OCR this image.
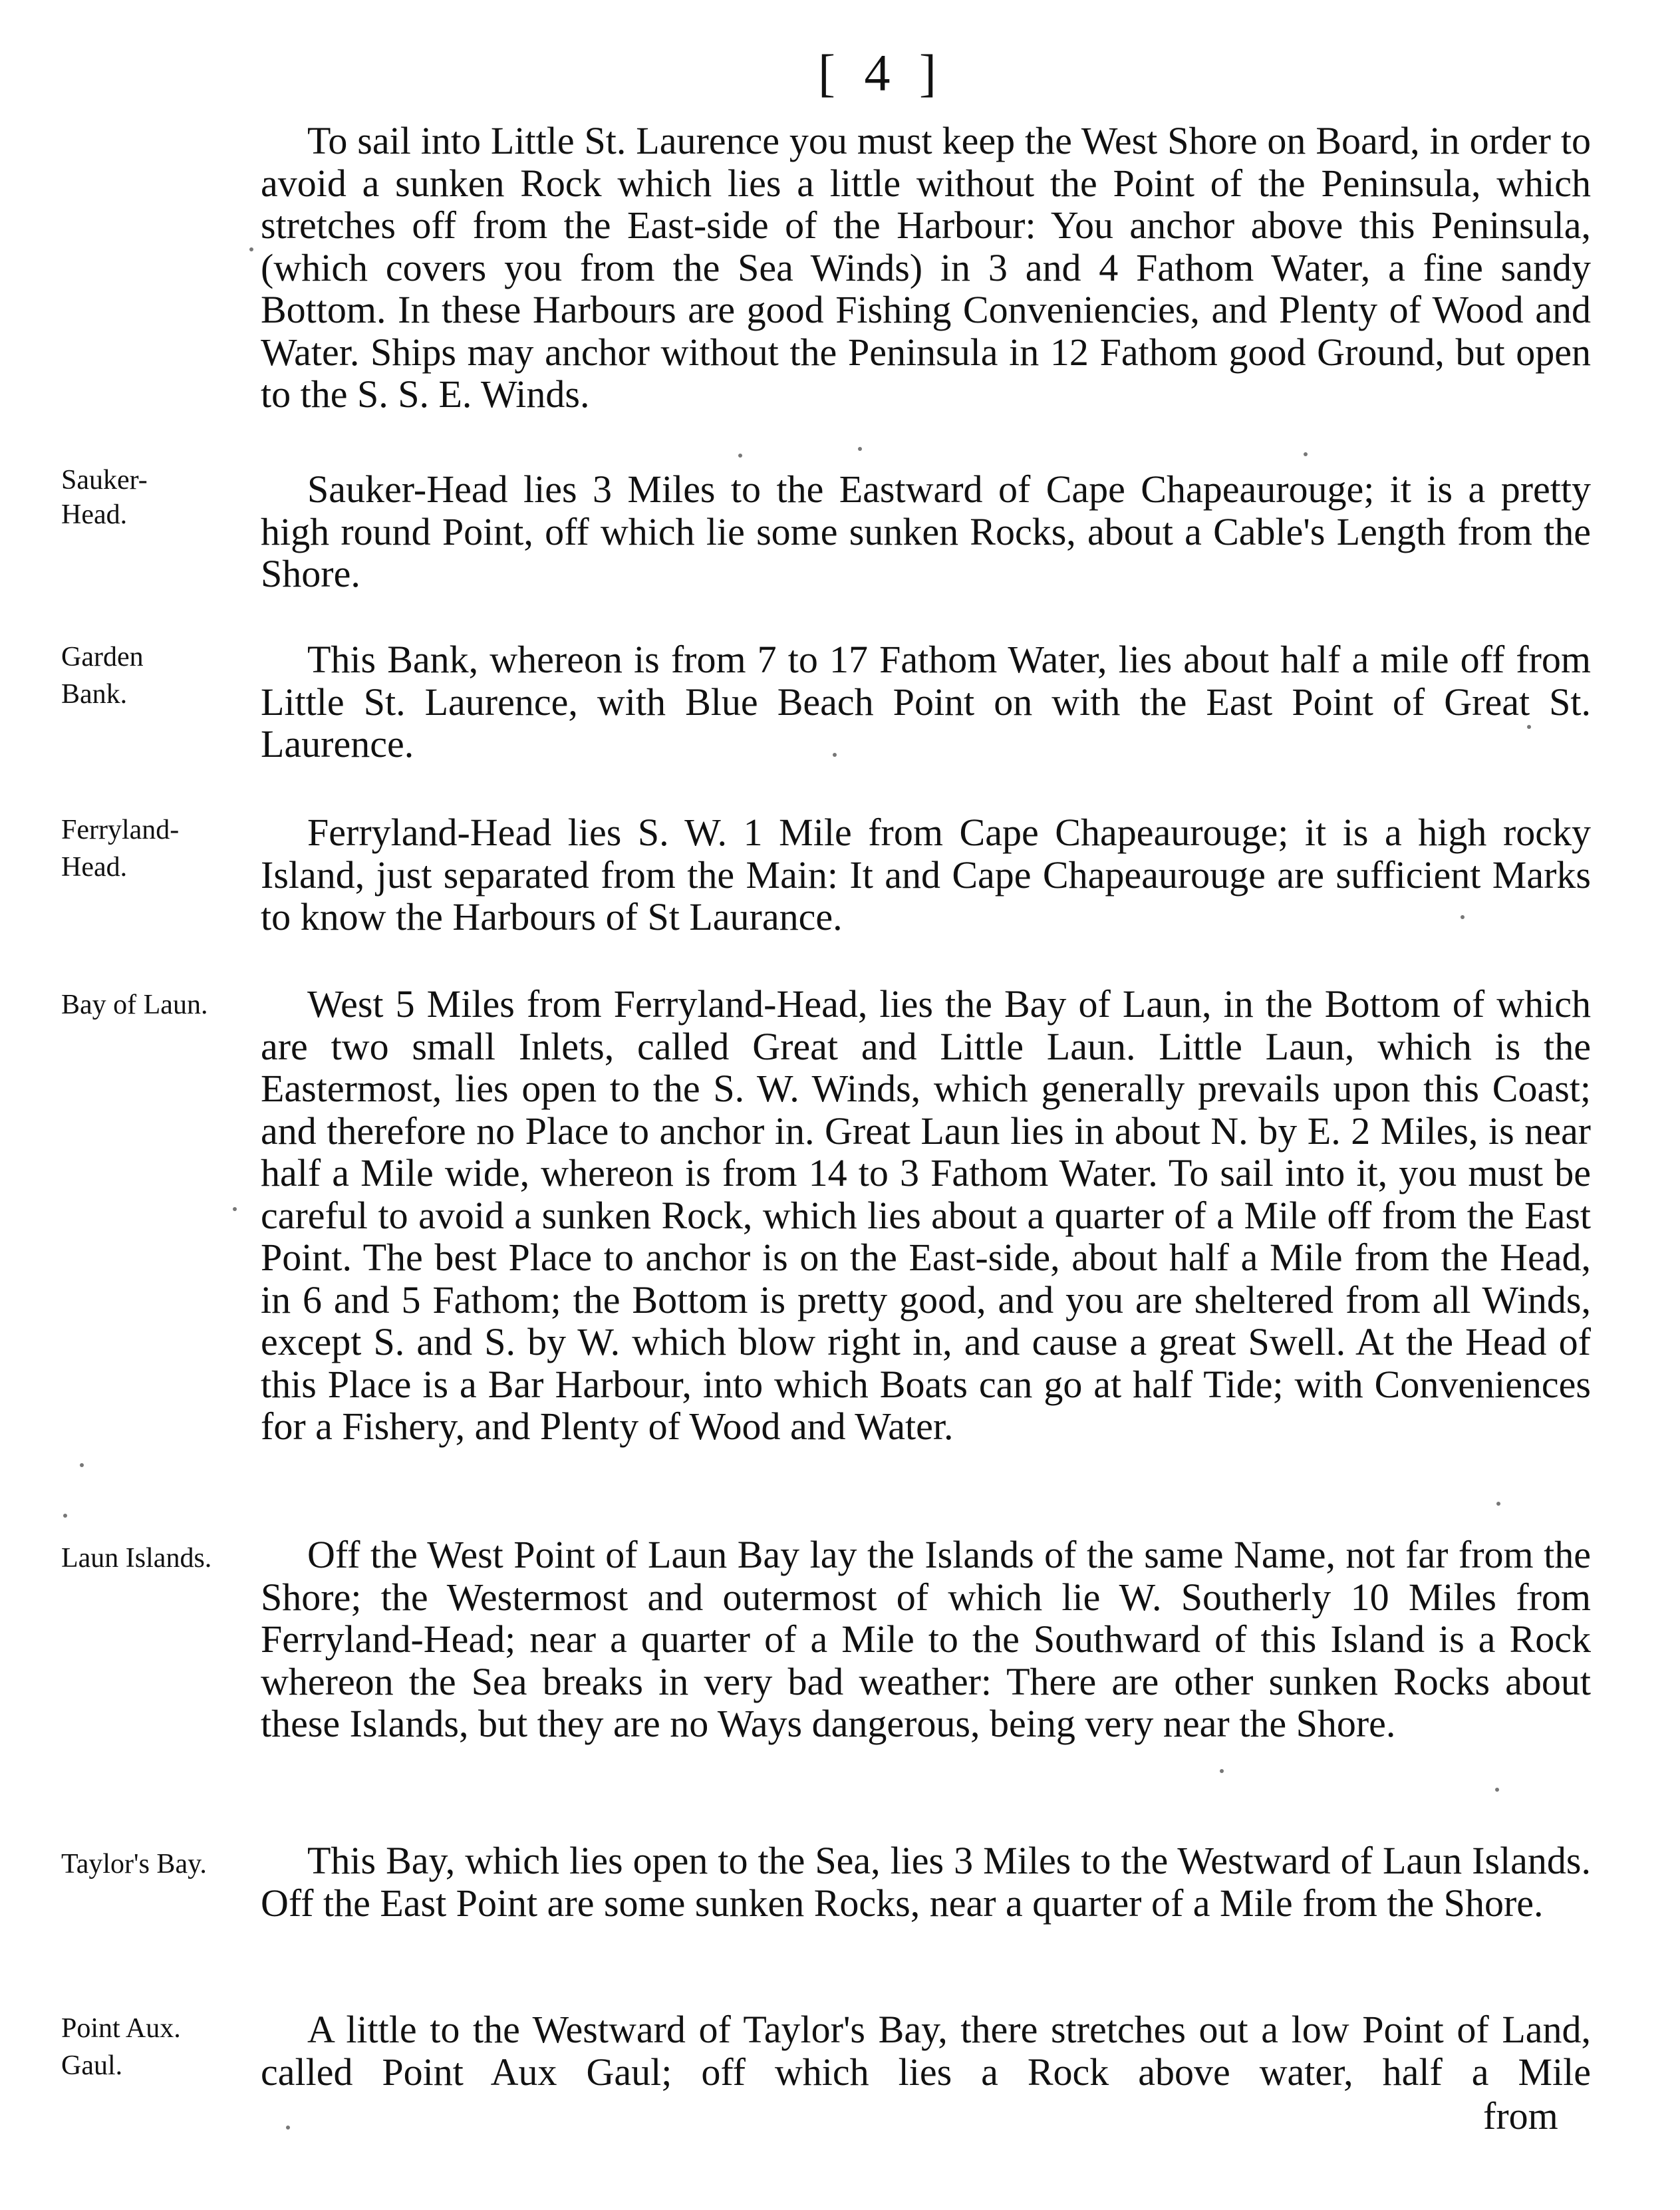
[ 4 ]

To sail into Little St. Laurence you must keep the West Shore on Board, in order to avoid a sunken Rock which lies a little without the Point of the Peninsula, which stretches off from the East-side of the Harbour: You anchor above this Peninsula, (which covers you from the Sea Winds) in 3 and 4 Fathom Water, a fine sandy Bottom. In these Harbours are good Fishing Conveniencies, and Plenty of Wood and Water. Ships may anchor without the Peninsula in 12 Fathom good Ground, but open to the S. S. E. Winds.

Sauker-Head.

Sauker-Head lies 3 Miles to the Eastward of Cape Chapeaurouge; it is a pretty high round Point, off which lie some sunken Rocks, about a Cable's Length from the Shore.

Garden Bank.

This Bank, whereon is from 7 to 17 Fathom Water, lies about half a mile off from Little St. Laurence, with Blue Beach Point on with the East Point of Great St. Laurence.

Ferryland-Head.

Ferryland-Head lies S. W. 1 Mile from Cape Chapeaurouge; it is a high rocky Island, just separated from the Main: It and Cape Chapeaurouge are sufficient Marks to know the Harbours of St Laurance.

Bay of Laun.	West 5 Miles from Ferryland-Head, lies the Bay of Laun, in the Bottom of which are two small Inlets, called Great and Little Laun. Little Laun, which is the Eastermost, lies open to the S. W. Winds, which generally prevails upon this Coast; and therefore no Place to anchor in. Great Laun lies in about N. by E. 2 Miles, is near half a Mile wide, whereon is from 14 to 3 Fathom Water. To sail into it, you must be careful to avoid a sunken Rock, which lies about a quarter of a Mile off from the East Point. The best Place to anchor is on the East-side, about half a Mile from the Head, in 6 and 5 Fathom; the Bottom is pretty good, and you are sheltered from all Winds, except S. and S. by W. which blow right in, and cause a great Swell. At the Head of this Place is a Bar Harbour, into which Boats can go at half Tide; with Conveniences for a Fishery, and Plenty of Wood and Water.

Laun Islands.	Off the West Point of Laun Bay lay the Islands of the same Name, not far from the Shore; the Westermost and outermost of which lie W. Southerly 10 Miles from Ferryland-Head; near a quarter of a Mile to the Southward of this Island is a Rock whereon the Sea breaks in very bad weather: There are other sunken Rocks about these Islands, but they are no Ways dangerous, being very near the Shore.

Taylor's Bay.	This Bay, which lies open to the Sea, lies 3 Miles to the Westward of Laun Islands. Off the East Point are some sunken Rocks, near a quarter of a Mile from the Shore.

Point Aux. Gaul.

A little to the Westward of Taylor's Bay, there stretches out a low Point of Land, called Point Aux Gaul; off which lies a Rock above water, half a Mile

from
